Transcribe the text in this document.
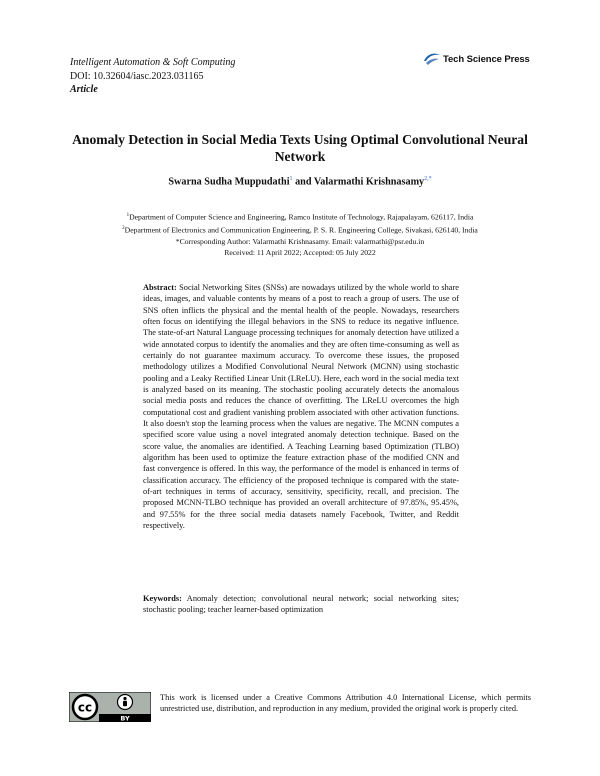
Intelligent Automation & Soft Computing
DOI: 10.32604/iasc.2023.031165
Article
Tech Science Press
Anomaly Detection in Social Media Texts Using Optimal Convolutional Neural Network
Swarna Sudha Muppudathi$^1$ and Valarmathi Krishnasamy$^{2,*}$
$^1$Department of Computer Science and Engineering, Ramco Institute of Technology, Rajapalayam, 626117, India
$^2$Department of Electronics and Communication Engineering, P. S. R. Engineering College, Sivakasi, 626140, India
*Corresponding Author: Valarmathi Krishnasamy. Email: valarmathi@psr.edu.in
Received: 11 April 2022; Accepted: 05 July 2022
Abstract: Social Networking Sites (SNSs) are nowadays utilized by the whole world to share ideas, images, and valuable contents by means of a post to reach a group of users. The use of SNS often inflicts the physical and the mental health of the people. Nowadays, researchers often focus on identifying the illegal behaviors in the SNS to reduce its negative influence. The state-of-art Natural Language processing techniques for anomaly detection have utilized a wide annotated corpus to identify the anomalies and they are often time-consuming as well as certainly do not guarantee maximum accuracy. To overcome these issues, the proposed methodology utilizes a Modified Convolutional Neural Network (MCNN) using stochastic pooling and a Leaky Rectified Linear Unit (LReLU). Here, each word in the social media text is analyzed based on its meaning. The stochastic pooling accurately detects the anomalous social media posts and reduces the chance of overfitting. The LReLU overcomes the high computational cost and gradient vanishing problem associated with other activation functions. It also doesn't stop the learning process when the values are negative. The MCNN computes a specified score value using a novel integrated anomaly detection technique. Based on the score value, the anomalies are identified. A Teaching Learning based Optimization (TLBO) algorithm has been used to optimize the feature extraction phase of the modified CNN and fast convergence is offered. In this way, the performance of the model is enhanced in terms of classification accuracy. The efficiency of the proposed technique is compared with the state-of-art techniques in terms of accuracy, sensitivity, specificity, recall, and precision. The proposed MCNN-TLBO technique has provided an overall architecture of 97.85%, 95.45%, and 97.55% for the three social media datasets namely Facebook, Twitter, and Reddit respectively.
Keywords: Anomaly detection; convolutional neural network; social networking sites; stochastic pooling; teacher learner-based optimization
cc
BY
This work is licensed under a Creative Commons Attribution 4.0 International License, which permits unrestricted use, distribution, and reproduction in any medium, provided the original work is properly cited.
